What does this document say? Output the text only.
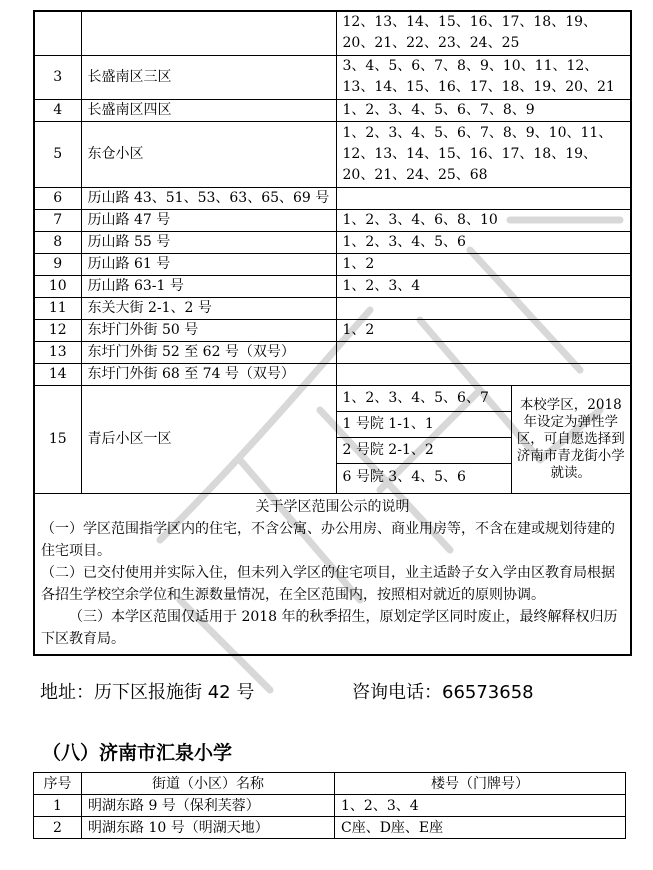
		12、13、14、15、16、17、18、19、20、21、22、23、24、25	
3	长盛南区三区	3、4、5、6、7、8、9、10、11、12、13、14、15、16、17、18、19、20、21	
4	长盛南区四区	1、2、3、4、5、6、7、8、9	
5	东仓小区	1、2、3、4、5、6、7、8、9、10、11、12、13、14、15、16、17、18、19、20、21、24、25、68	
6	历山路 43、51、53、63、65、69 号		
7	历山路 47 号	1、2、3、4、6、8、10	
8	历山路 55 号	1、2、3、4、5、6	
9	历山路 61 号	1、2	
10	历山路 63-1 号	1、2、3、4	
11	东关大街 2-1、2 号		
12	东圩门外街 50 号	1、2	
13	东圩门外街 52 至 62 号（双号）		
14	东圩门外街 68 至 74 号（双号）		
15	青后小区一区	1、2、3、4、5、6、7
1 号院 1-1、1
2 号院 2-1、2
6 号院 3、4、5、6	本校学区，2018 年设定为弹性学区，可自愿选择到济南市青龙街小学就读。

关于学区范围公示的说明

（一）学区范围指学区内的住宅，不含公寓、办公用房、商业用房等，不含在建或规划待建的住宅项目。

（二）已交付使用并实际入住，但未列入学区的住宅项目，业主适龄子女入学由区教育局根据各招生学校空余学位和生源数量情况，在全区范围内，按照相对就近的原则协调。

（三）本学区范围仅适用于 2018 年的秋季招生，原划定学区同时废止，最终解释权归历下区教育局。			

地址：历下区报施街 42 号	咨询电话：66573658
（八）济南市汇泉小学
序号	街道（小区）名称	楼号（门牌号）
1	明湖东路 9 号（保利芙蓉）	1、2、3、4
2	明湖东路 10 号（明湖天地）	C座、D座、E座
